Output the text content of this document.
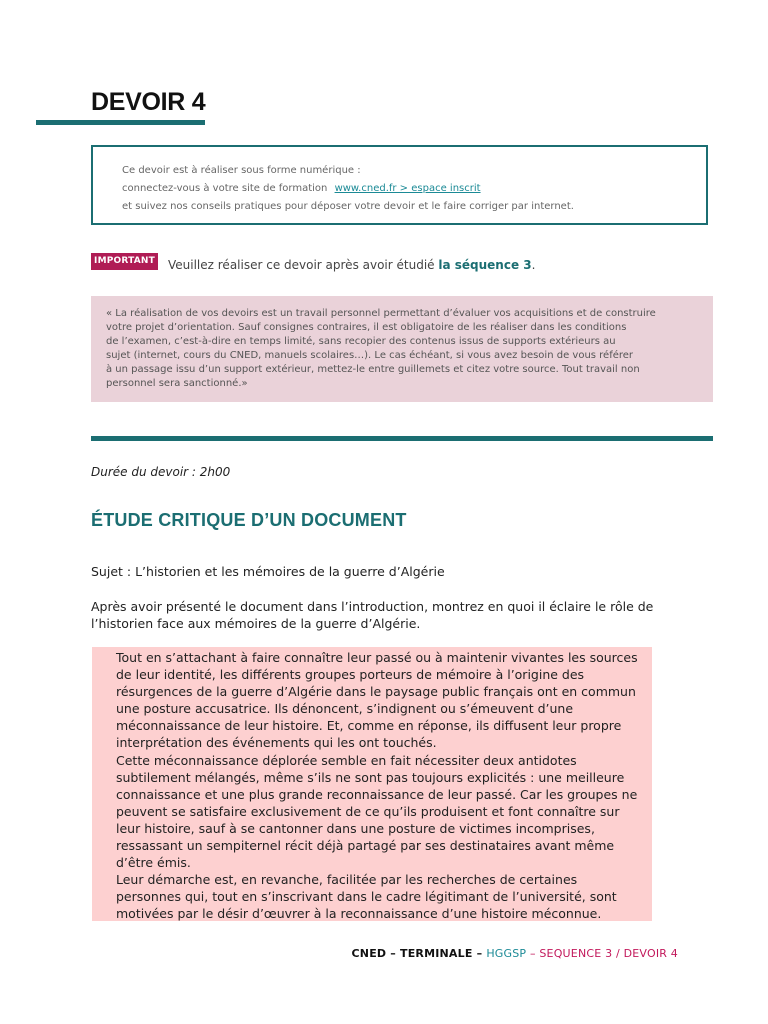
DEVOIR 4
Ce devoir est à réaliser sous forme numérique :
connectez-vous à votre site de formation www.cned.fr > espace inscrit
et suivez nos conseils pratiques pour déposer votre devoir et le faire corriger par internet.
IMPORTANT Veuillez réaliser ce devoir après avoir étudié la séquence 3.
« La réalisation de vos devoirs est un travail personnel permettant d’évaluer vos acquisitions et de construire
votre projet d’orientation. Sauf consignes contraires, il est obligatoire de les réaliser dans les conditions
de l’examen, c’est-à-dire en temps limité, sans recopier des contenus issus de supports extérieurs au
sujet (internet, cours du CNED, manuels scolaires…). Le cas échéant, si vous avez besoin de vous référer
à un passage issu d’un support extérieur, mettez-le entre guillemets et citez votre source. Tout travail non
personnel sera sanctionné.»
Durée du devoir : 2h00
ÉTUDE CRITIQUE D’UN DOCUMENT
Sujet : L’historien et les mémoires de la guerre d’Algérie
Après avoir présenté le document dans l’introduction, montrez en quoi il éclaire le rôle de
l’historien face aux mémoires de la guerre d’Algérie.
Tout en s’attachant à faire connaître leur passé ou à maintenir vivantes les sources
de leur identité, les différents groupes porteurs de mémoire à l’origine des
résurgences de la guerre d’Algérie dans le paysage public français ont en commun
une posture accusatrice. Ils dénoncent, s’indignent ou s’émeuvent d’une
méconnaissance de leur histoire. Et, comme en réponse, ils diffusent leur propre
interprétation des événements qui les ont touchés.
Cette méconnaissance déplorée semble en fait nécessiter deux antidotes
subtilement mélangés, même s’ils ne sont pas toujours explicités : une meilleure
connaissance et une plus grande reconnaissance de leur passé. Car les groupes ne
peuvent se satisfaire exclusivement de ce qu’ils produisent et font connaître sur
leur histoire, sauf à se cantonner dans une posture de victimes incomprises,
ressassant un sempiternel récit déjà partagé par ses destinataires avant même
d’être émis.
Leur démarche est, en revanche, facilitée par les recherches de certaines
personnes qui, tout en s’inscrivant dans le cadre légitimant de l’université, sont
motivées par le désir d’œuvrer à la reconnaissance d’une histoire méconnue.
CNED – TERMINALE – HGGSP – SEQUENCE 3 / DEVOIR 4
